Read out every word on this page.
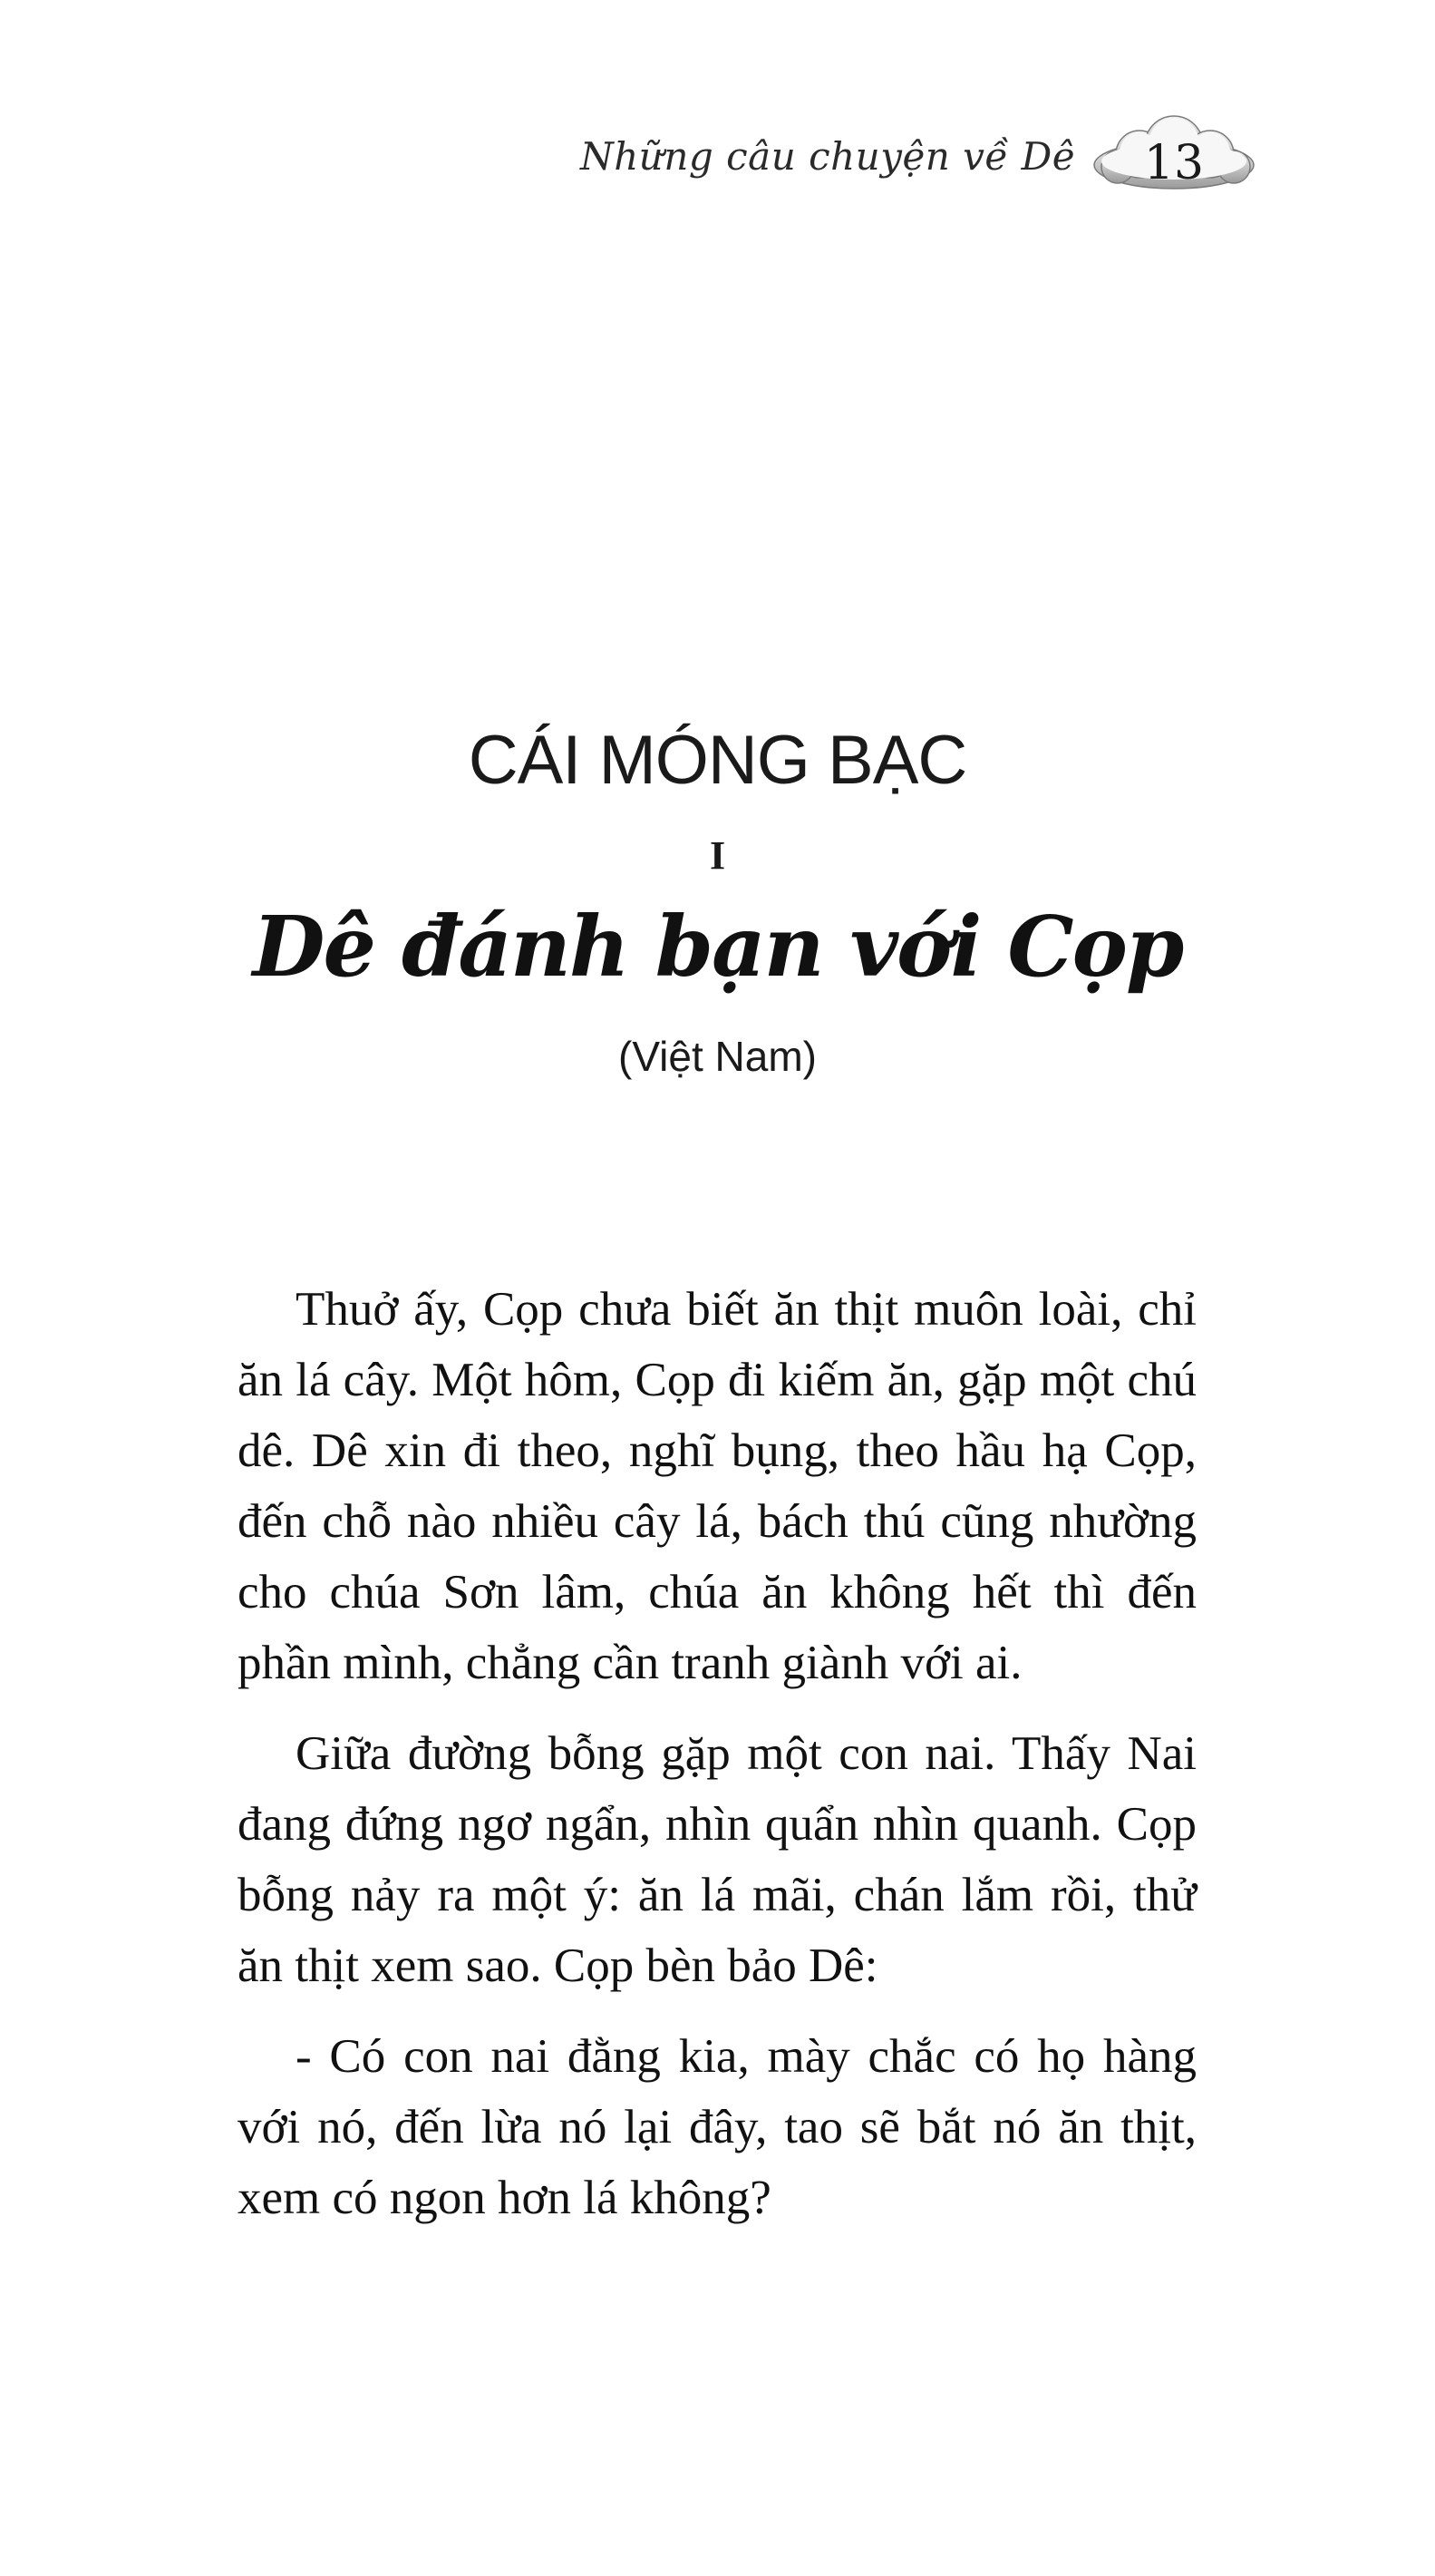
Những câu chuyện về Dê	13
CÁI MÓNG BẠC
I
Dê đánh bạn với Cọp
(Việt Nam)

Thuở ấy, Cọp chưa biết ăn thịt muôn loài, chỉ ăn lá cây. Một hôm, Cọp đi kiếm ăn, gặp một chú dê. Dê xin đi theo, nghĩ bụng, theo hầu hạ Cọp, đến chỗ nào nhiều cây lá, bách thú cũng nhường cho chúa Sơn lâm, chúa ăn không hết thì đến phần mình, chẳng cần tranh giành với ai.

Giữa đường bỗng gặp một con nai. Thấy Nai đang đứng ngơ ngẩn, nhìn quẩn nhìn quanh. Cọp bỗng nảy ra một ý: ăn lá mãi, chán lắm rồi, thử ăn thịt xem sao. Cọp bèn bảo Dê:

- Có con nai đằng kia, mày chắc có họ hàng với nó, đến lừa nó lại đây, tao sẽ bắt nó ăn thịt, xem có ngon hơn lá không?
